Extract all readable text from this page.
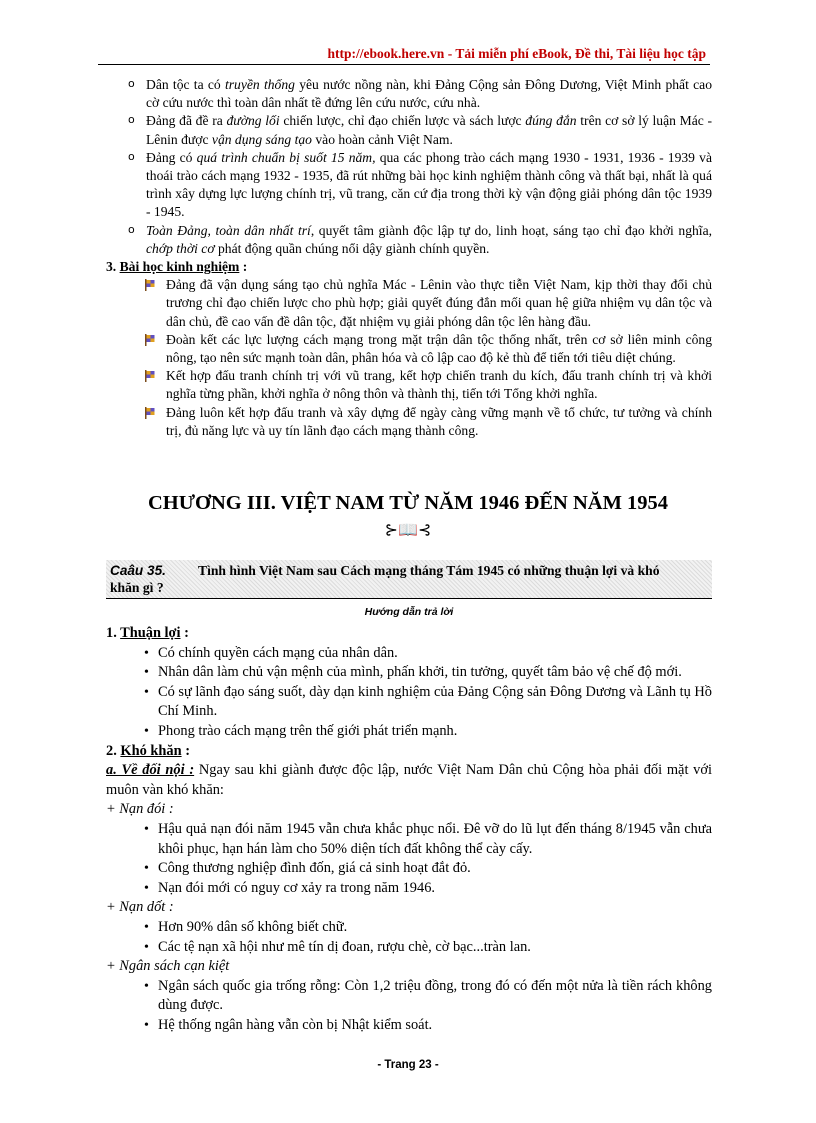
http://ebook.here.vn - Tải miễn phí eBook, Đề thi, Tài liệu học tập
o Dân tộc ta có truyền thống yêu nước nồng nàn, khi Đảng Cộng sản Đông Dương, Việt Minh phất cao cờ cứu nước thì toàn dân nhất tề đứng lên cứu nước, cứu nhà.
o Đảng đã đề ra đường lối chiến lược, chỉ đạo chiến lược và sách lược đúng đắn trên cơ sở lý luận Mác - Lênin được vận dụng sáng tạo vào hoàn cảnh Việt Nam.
o Đảng có quá trình chuẩn bị suốt 15 năm, qua các phong trào cách mạng 1930 - 1931, 1936 - 1939 và thoái trào cách mạng 1932 - 1935, đã rút những bài học kinh nghiệm thành công và thất bại, nhất là quá trình xây dựng lực lượng chính trị, vũ trang, căn cứ địa trong thời kỳ vận động giải phóng dân tộc 1939 - 1945.
o Toàn Đảng, toàn dân nhất trí, quyết tâm giành độc lập tự do, linh hoạt, sáng tạo chỉ đạo khởi nghĩa, chớp thời cơ phát động quần chúng nổi dậy giành chính quyền.

3. Bài học kinh nghiệm :

Đảng đã vận dụng sáng tạo chủ nghĩa Mác - Lênin vào thực tiễn Việt Nam, kịp thời thay đổi chủ trương chỉ đạo chiến lược cho phù hợp; giải quyết đúng đắn mối quan hệ giữa nhiệm vụ dân tộc và dân chủ, đề cao vấn đề dân tộc, đặt nhiệm vụ giải phóng dân tộc lên hàng đầu.
Đoàn kết các lực lượng cách mạng trong mặt trận dân tộc thống nhất, trên cơ sở liên minh công nông, tạo nên sức mạnh toàn dân, phân hóa và cô lập cao độ kẻ thù để tiến tới tiêu diệt chúng.
Kết hợp đấu tranh chính trị với vũ trang, kết hợp chiến tranh du kích, đấu tranh chính trị và khởi nghĩa từng phần, khởi nghĩa ở nông thôn và thành thị, tiến tới Tổng khởi nghĩa.
Đảng luôn kết hợp đấu tranh và xây dựng để ngày càng vững mạnh về tổ chức, tư tưởng và chính trị, đủ năng lực và uy tín lãnh đạo cách mạng thành công.
CHƯƠNG III. VIỆT NAM TỪ NĂM 1946 ĐẾN NĂM 1954
⊱📖⊰
Caâu 35. Tình hình Việt Nam sau Cách mạng tháng Tám 1945 có những thuận lợi và khó
khăn gì ?
Hướng dẫn trả lời

1. Thuận lợi :

• Có chính quyền cách mạng của nhân dân.
• Nhân dân làm chủ vận mệnh của mình, phấn khởi, tin tưởng, quyết tâm bảo vệ chế độ mới.
• Có sự lãnh đạo sáng suốt, dày dạn kinh nghiệm của Đảng Cộng sản Đông Dương và Lãnh tụ Hồ Chí Minh.
• Phong trào cách mạng trên thế giới phát triển mạnh.

2. Khó khăn :

a. Về đối nội : Ngay sau khi giành được độc lập, nước Việt Nam Dân chủ Cộng hòa phải đối mặt với muôn vàn khó khăn:

+ Nạn đói :

• Hậu quả nạn đói năm 1945 vẫn chưa khắc phục nổi. Đê vỡ do lũ lụt đến tháng 8/1945 vẫn chưa khôi phục, hạn hán làm cho 50% diện tích đất không thể cày cấy.
• Công thương nghiệp đình đốn, giá cả sinh hoạt đắt đỏ.
• Nạn đói mới có nguy cơ xảy ra trong năm 1946.

+ Nạn dốt :

• Hơn 90% dân số không biết chữ.
• Các tệ nạn xã hội như mê tín dị đoan, rượu chè, cờ bạc...tràn lan.

+ Ngân sách cạn kiệt

• Ngân sách quốc gia trống rỗng: Còn 1,2 triệu đồng, trong đó có đến một nửa là tiền rách không dùng được.
• Hệ thống ngân hàng vẫn còn bị Nhật kiểm soát.
- Trang 23 -
